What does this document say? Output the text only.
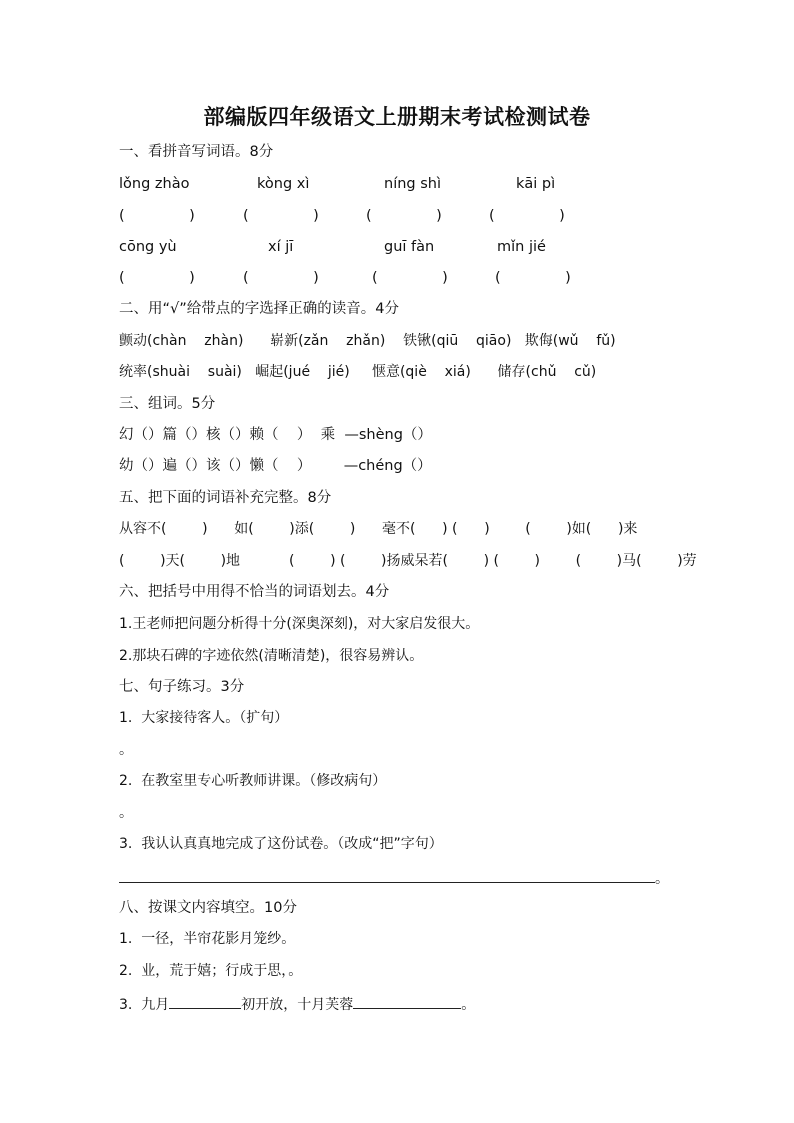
部编版四年级语文上册期末考试检测试卷
一、看拼音写词语。8分
lǒng zhào	kòng xì	níng shì	kāi pì
(              )	(              )	(              )	(              )
cōng yù	xí jī	guī fàn	mǐn jié
(              )	(              )	(              )	(              )
二、用“√”给带点的字选择正确的读音。4分
颤动(chàn    zhàn)      崭新(zǎn    zhǎn)    铁锹(qiū    qiāo)   欺侮(wǔ    fǔ)
统率(shuài    suài)   崛起(jué    jié)     惬意(qiè    xiá)      储存(chǔ    cǔ)
三、组词。5分
幻（）篇（）核（）赖（    ）  乘  —shèng（）
幼（）遍（）该（）懒（    ）       —chéng（）
五、把下面的词语补充完整。8分
从容不(        )      如(        )添(        )      毫不(      ) (      )        (        )如(      )来
(        )天(        )地           (        ) (        )扬威呆若(        ) (        )        (        )马(        )劳
六、把括号中用得不恰当的词语划去。4分
1.王老师把问题分析得十分(深奥深刻)，对大家启发很大。
2.那块石碑的字迹依然(清晰清楚)，很容易辨认。
七、句子练习。3分
1.  大家接待客人。（扩句）
。
2.  在教室里专心听教师讲课。（修改病句）
。
3.  我认认真真地完成了这份试卷。（改成“把”字句）
。
八、按课文内容填空。10分
1.  一径，半帘花影月笼纱。
2.  业，荒于嬉；行成于思，。
3.  九月	初开放，十月芙蓉	。
